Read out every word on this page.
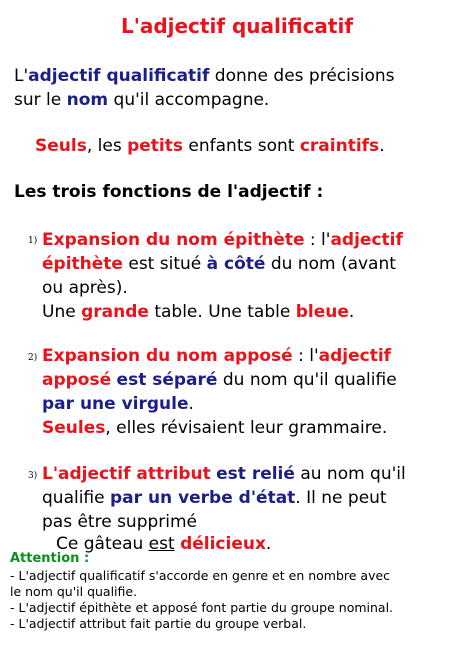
L'adjectif qualificatif
L'adjectif qualificatif donne des précisions
sur le nom qu'il accompagne.
Seuls, les petits enfants sont craintifs.
Les trois fonctions de l'adjectif :
1) Expansion du nom épithète : l'adjectif
épithète est situé à côté du nom (avant
ou après).
Une grande table. Une table bleue.
2) Expansion du nom apposé : l'adjectif
apposé est séparé du nom qu'il qualifie
par une virgule.
Seules, elles révisaient leur grammaire.
3) L'adjectif attribut est relié au nom qu'il
qualifie par un verbe d'état. Il ne peut
pas être supprimé
Ce gâteau est délicieux.
Attention :
- L'adjectif qualificatif s'accorde en genre et en nombre avec
le nom qu'il qualifie.
- L'adjectif épithète et apposé font partie du groupe nominal.
- L'adjectif attribut fait partie du groupe verbal.
